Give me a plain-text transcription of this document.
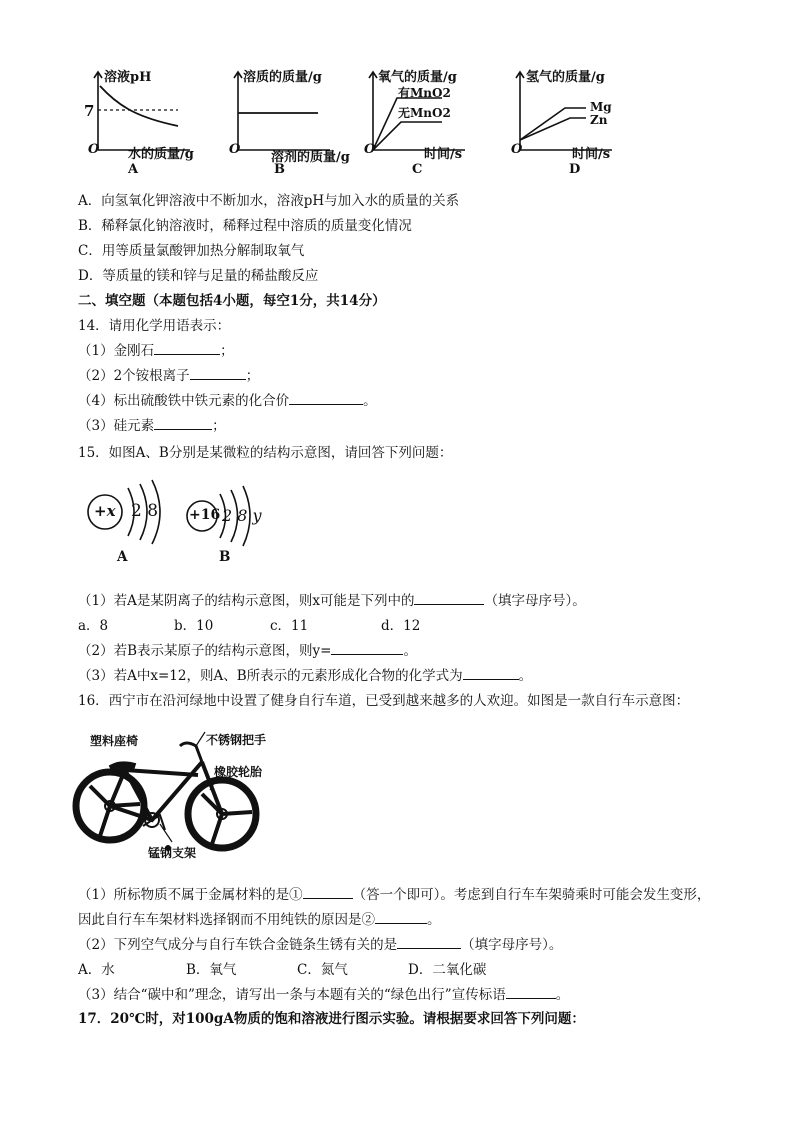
溶液pH
7
O 水的质量/g
A
溶质的质量/g
O
溶剂的质量/g
B
氧气的质量/g
有MnO2
无MnO2
O	时间/s
C
氢气的质量/g
Mg
Zn
O	时间/s
D
A．向氢氧化钾溶液中不断加水，溶液pH与加入水的质量的关系
B．稀释氯化钠溶液时，稀释过程中溶质的质量变化情况
C．用等质量氯酸钾加热分解制取氧气
D．等质量的镁和锌与足量的稀盐酸反应
二、填空题（本题包括4小题，每空1分，共14分）
14．请用化学用语表示：
（1）金刚石	；
（2）2个铵根离子	；
（4）标出硫酸铁中铁元素的化合价	。
（3）硅元素	；
15．如图A、B分别是某微粒的结构示意图，请回答下列问题：
+x 2 8
A
+16 2 8 y
B
（1）若A是某阴离子的结构示意图，则x可能是下列中的	（填字母序号）。
a．8	b．10	c．11	d．12
（2）若B表示某原子的结构示意图，则y=	。
（3）若A中x=12，则A、B所表示的元素形成化合物的化学式为	。
16．西宁市在沿河绿地中设置了健身自行车道，已受到越来越多的人欢迎。如图是一款自行车示意图：
塑料座椅	不锈钢把手
橡胶轮胎
锰钢支架
（1）所标物质不属于金属材料的是①	（答一个即可）。考虑到自行车车架骑乘时可能会发生变形，
因此自行车车架材料选择钢而不用纯铁的原因是②	。
（2）下列空气成分与自行车铁合金链条生锈有关的是	（填字母序号）。
A．水	B．氧气	C．氮气	D．二氧化碳
（3）结合“碳中和”理念，请写出一条与本题有关的“绿色出行”宣传标语	。
17．20℃时，对100gA物质的饱和溶液进行图示实验。请根据要求回答下列问题：
